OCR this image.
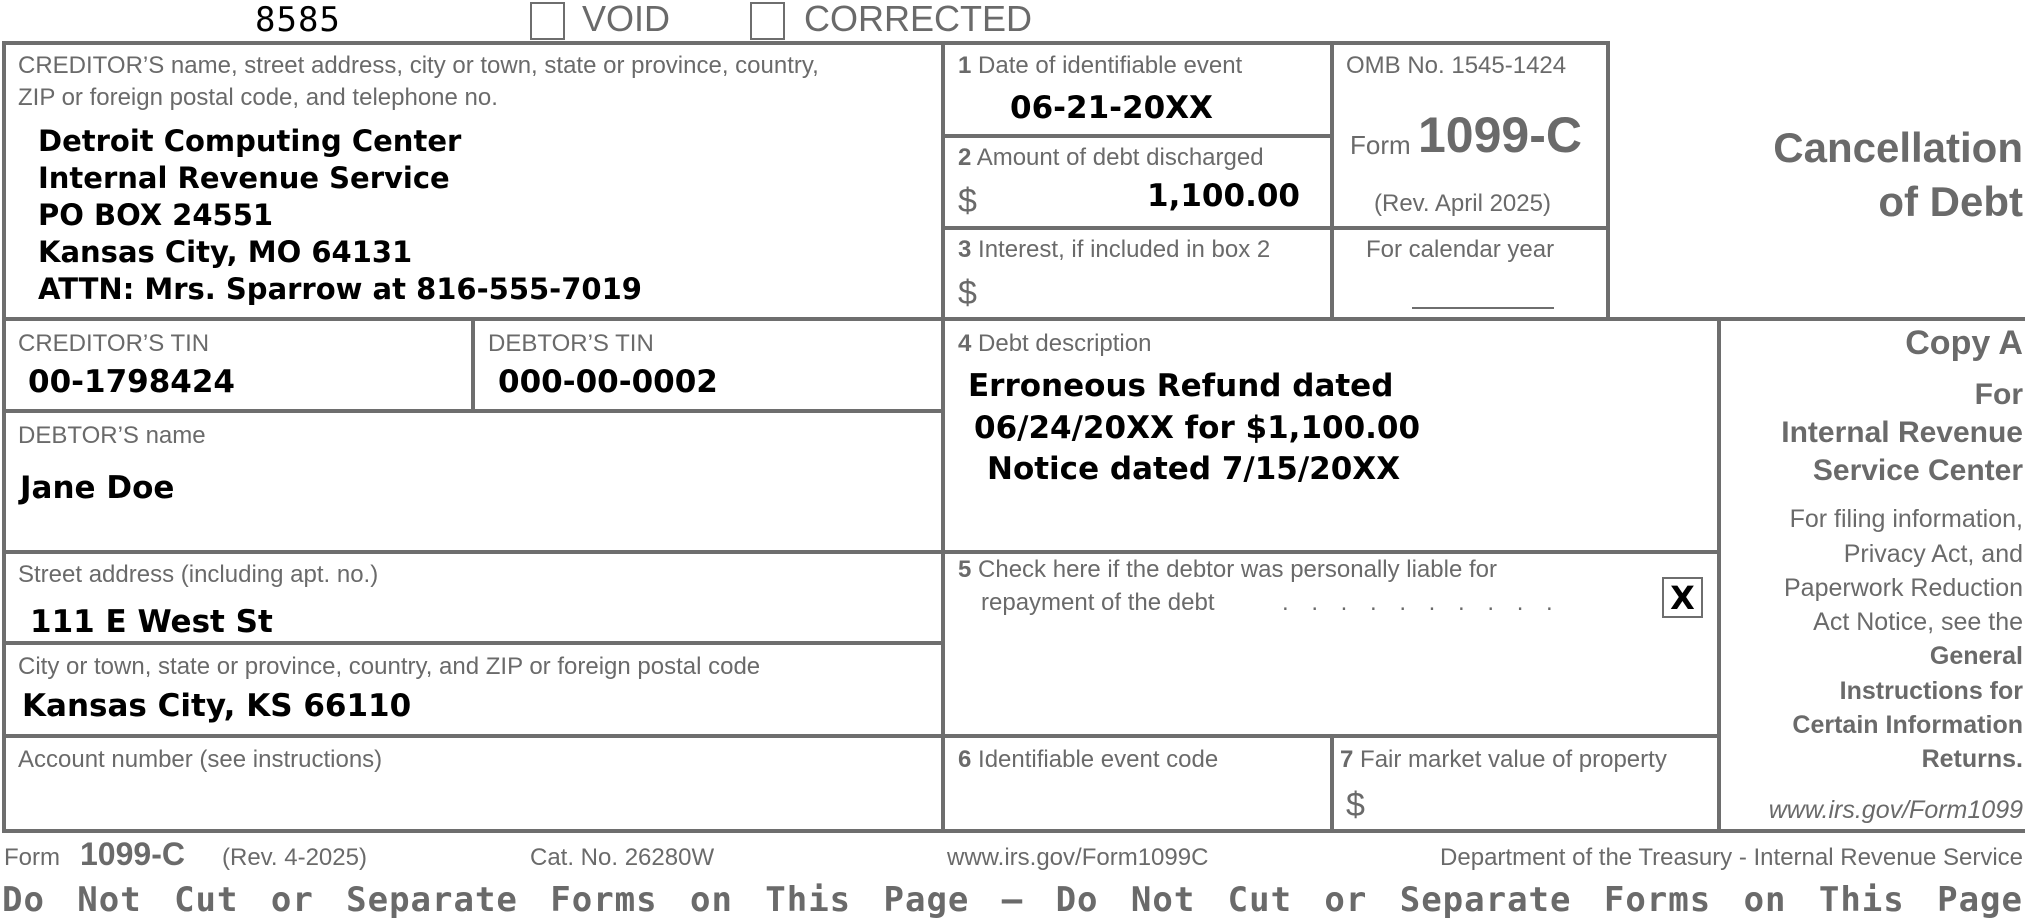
8585	VOID	CORRECTED
CREDITOR’S name, street address, city or town, state or province, country,
ZIP or foreign postal code, and telephone no.
Detroit Computing Center
Internal Revenue Service
PO BOX 24551
Kansas City, MO 64131
ATTN: Mrs. Sparrow at 816-555-7019
1 Date of identifiable event
06-21-20XX
2 Amount of debt discharged
$	1,100.00
3 Interest, if included in box 2
$
OMB No. 1545-1424
Form 1099-C
(Rev. April 2025)
For calendar year
Cancellation
of Debt
CREDITOR’S TIN
00-1798424
DEBTOR’S TIN
000-00-0002
4 Debt description
Erroneous Refund dated
06/24/20XX for $1,100.00
Notice dated 7/15/20XX
DEBTOR’S name
Jane Doe
Street address (including apt. no.)
111 E West St
City or town, state or province, country, and ZIP or foreign postal code
Kansas City, KS 66110
5 Check here if the debtor was personally liable for
repayment of the debt	. . . . . . . . . .	X
Account number (see instructions)	6 Identifiable event code	7 Fair market value of property
$
Copy A
For
Internal Revenue
Service Center
For filing information,
Privacy Act, and
Paperwork Reduction
Act Notice, see the
General
Instructions for
Certain Information
Returns.
www.irs.gov/Form1099
Form 1099-C (Rev. 4-2025)	Cat. No. 26280W	www.irs.gov/Form1099C	Department of the Treasury - Internal Revenue Service
Do Not Cut or Separate Forms on This Page — Do Not Cut or Separate Forms on This Page
